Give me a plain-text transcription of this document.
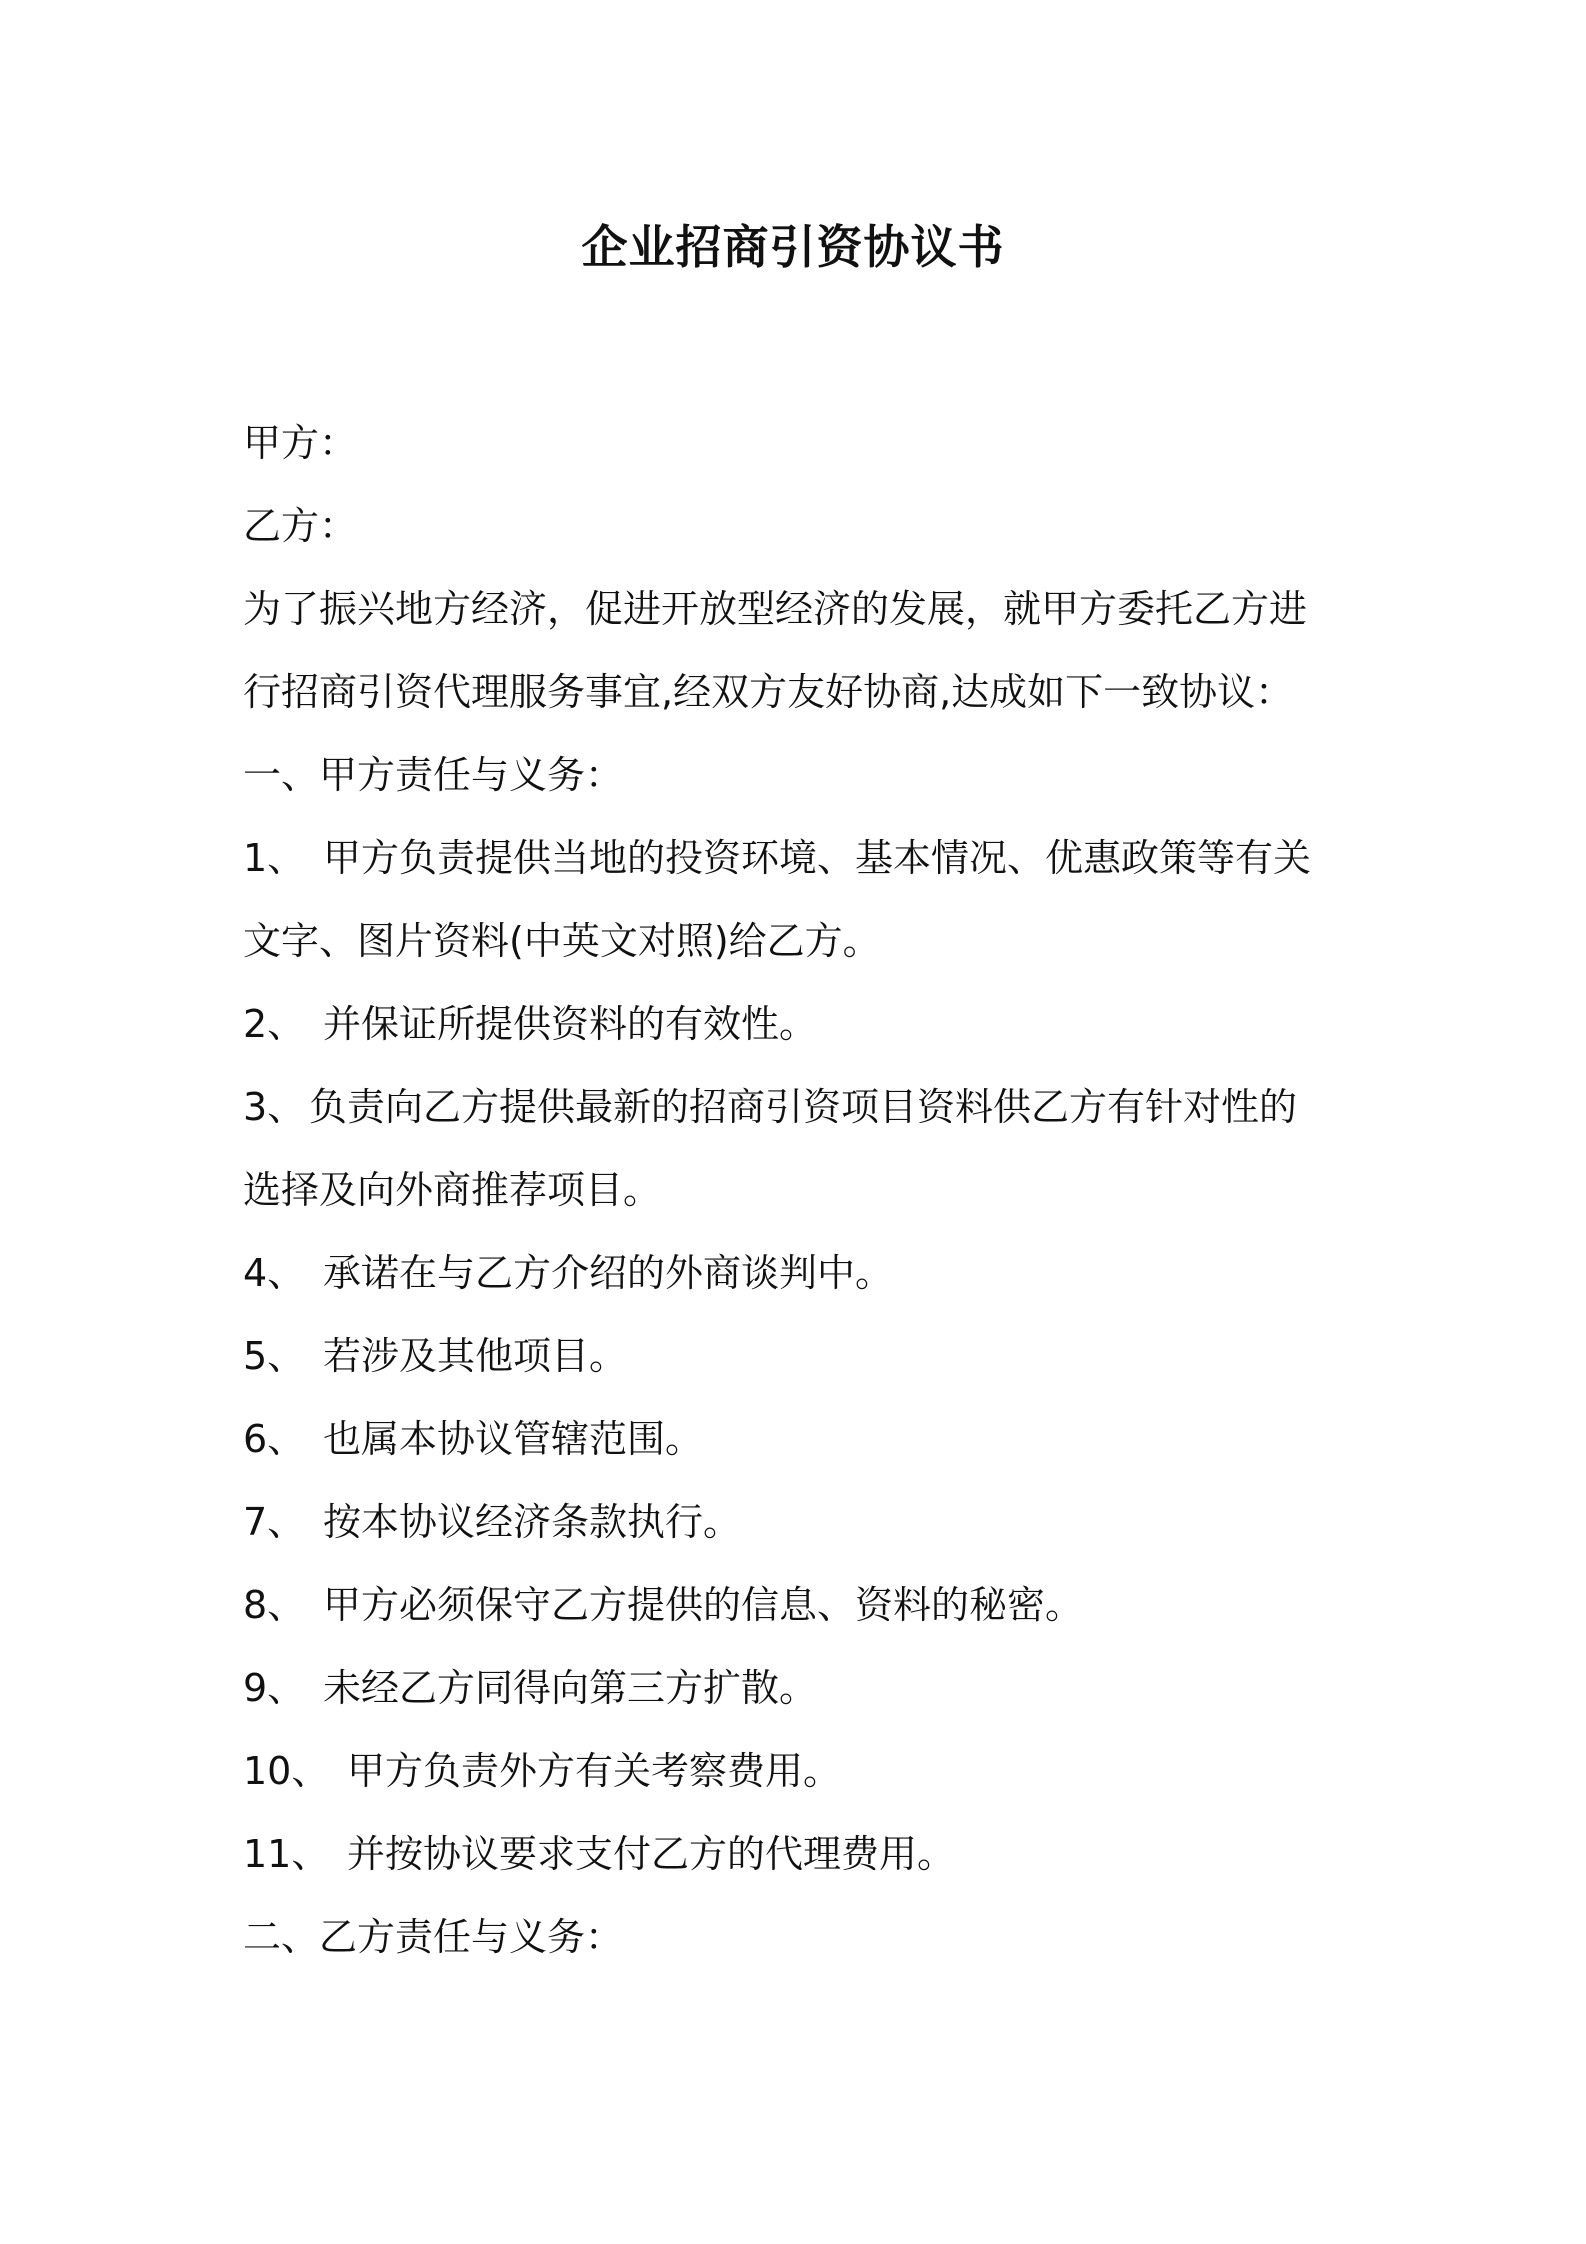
企业招商引资协议书
甲方：
乙方：
为了振兴地方经济，促进开放型经济的发展，就甲方委托乙方进
行招商引资代理服务事宜,经双方友好协商,达成如下一致协议：
一、甲方责任与义务：
1、 甲方负责提供当地的投资环境、基本情况、优惠政策等有关
文字、图片资料(中英文对照)给乙方。
2、 并保证所提供资料的有效性。
3、 负责向乙方提供最新的招商引资项目资料供乙方有针对性的
选择及向外商推荐项目。
4、 承诺在与乙方介绍的外商谈判中。
5、 若涉及其他项目。
6、 也属本协议管辖范围。
7、 按本协议经济条款执行。
8、 甲方必须保守乙方提供的信息、资料的秘密。
9、 未经乙方同得向第三方扩散。
10、 甲方负责外方有关考察费用。
11、 并按协议要求支付乙方的代理费用。
二、乙方责任与义务：
